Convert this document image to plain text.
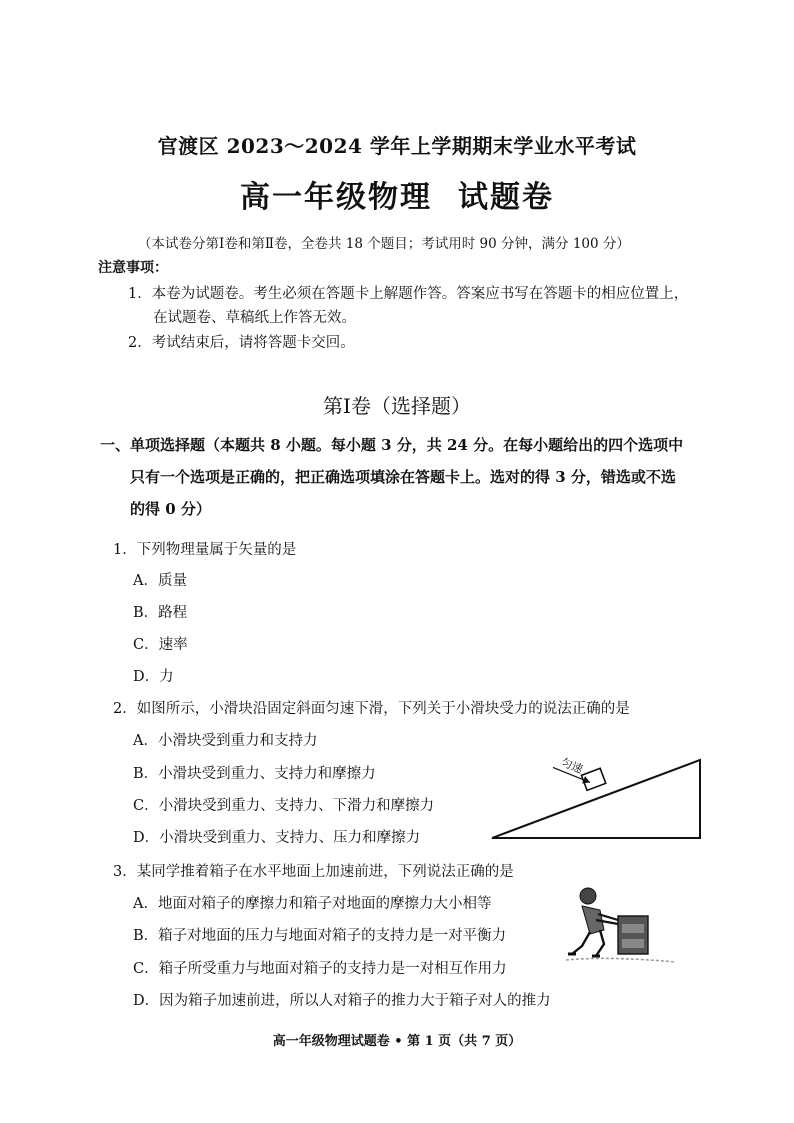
官渡区 2023～2024 学年上学期期末学业水平考试
高一年级物理 试题卷
（本试卷分第Ⅰ卷和第Ⅱ卷，全卷共 18 个题目；考试用时 90 分钟，满分 100 分）
注意事项：
1．本卷为试题卷。考生必须在答题卡上解题作答。答案应书写在答题卡的相应位置上，
在试题卷、草稿纸上作答无效。
2．考试结束后，请将答题卡交回。
第Ⅰ卷（选择题）
一、单项选择题（本题共 8 小题。每小题 3 分，共 24 分。在每小题给出的四个选项中
只有一个选项是正确的，把正确选项填涂在答题卡上。选对的得 3 分，错选或不选
的得 0 分）
1．下列物理量属于矢量的是
A．质量
B．路程
C．速率
D．力
2．如图所示，小滑块沿固定斜面匀速下滑，下列关于小滑块受力的说法正确的是
A．小滑块受到重力和支持力
B．小滑块受到重力、支持力和摩擦力
C．小滑块受到重力、支持力、下滑力和摩擦力
D．小滑块受到重力、支持力、压力和摩擦力
匀速
3．某同学推着箱子在水平地面上加速前进，下列说法正确的是
A．地面对箱子的摩擦力和箱子对地面的摩擦力大小相等
B．箱子对地面的压力与地面对箱子的支持力是一对平衡力
C．箱子所受重力与地面对箱子的支持力是一对相互作用力
D．因为箱子加速前进，所以人对箱子的推力大于箱子对人的推力
高一年级物理试题卷 • 第 1 页（共 7 页）
